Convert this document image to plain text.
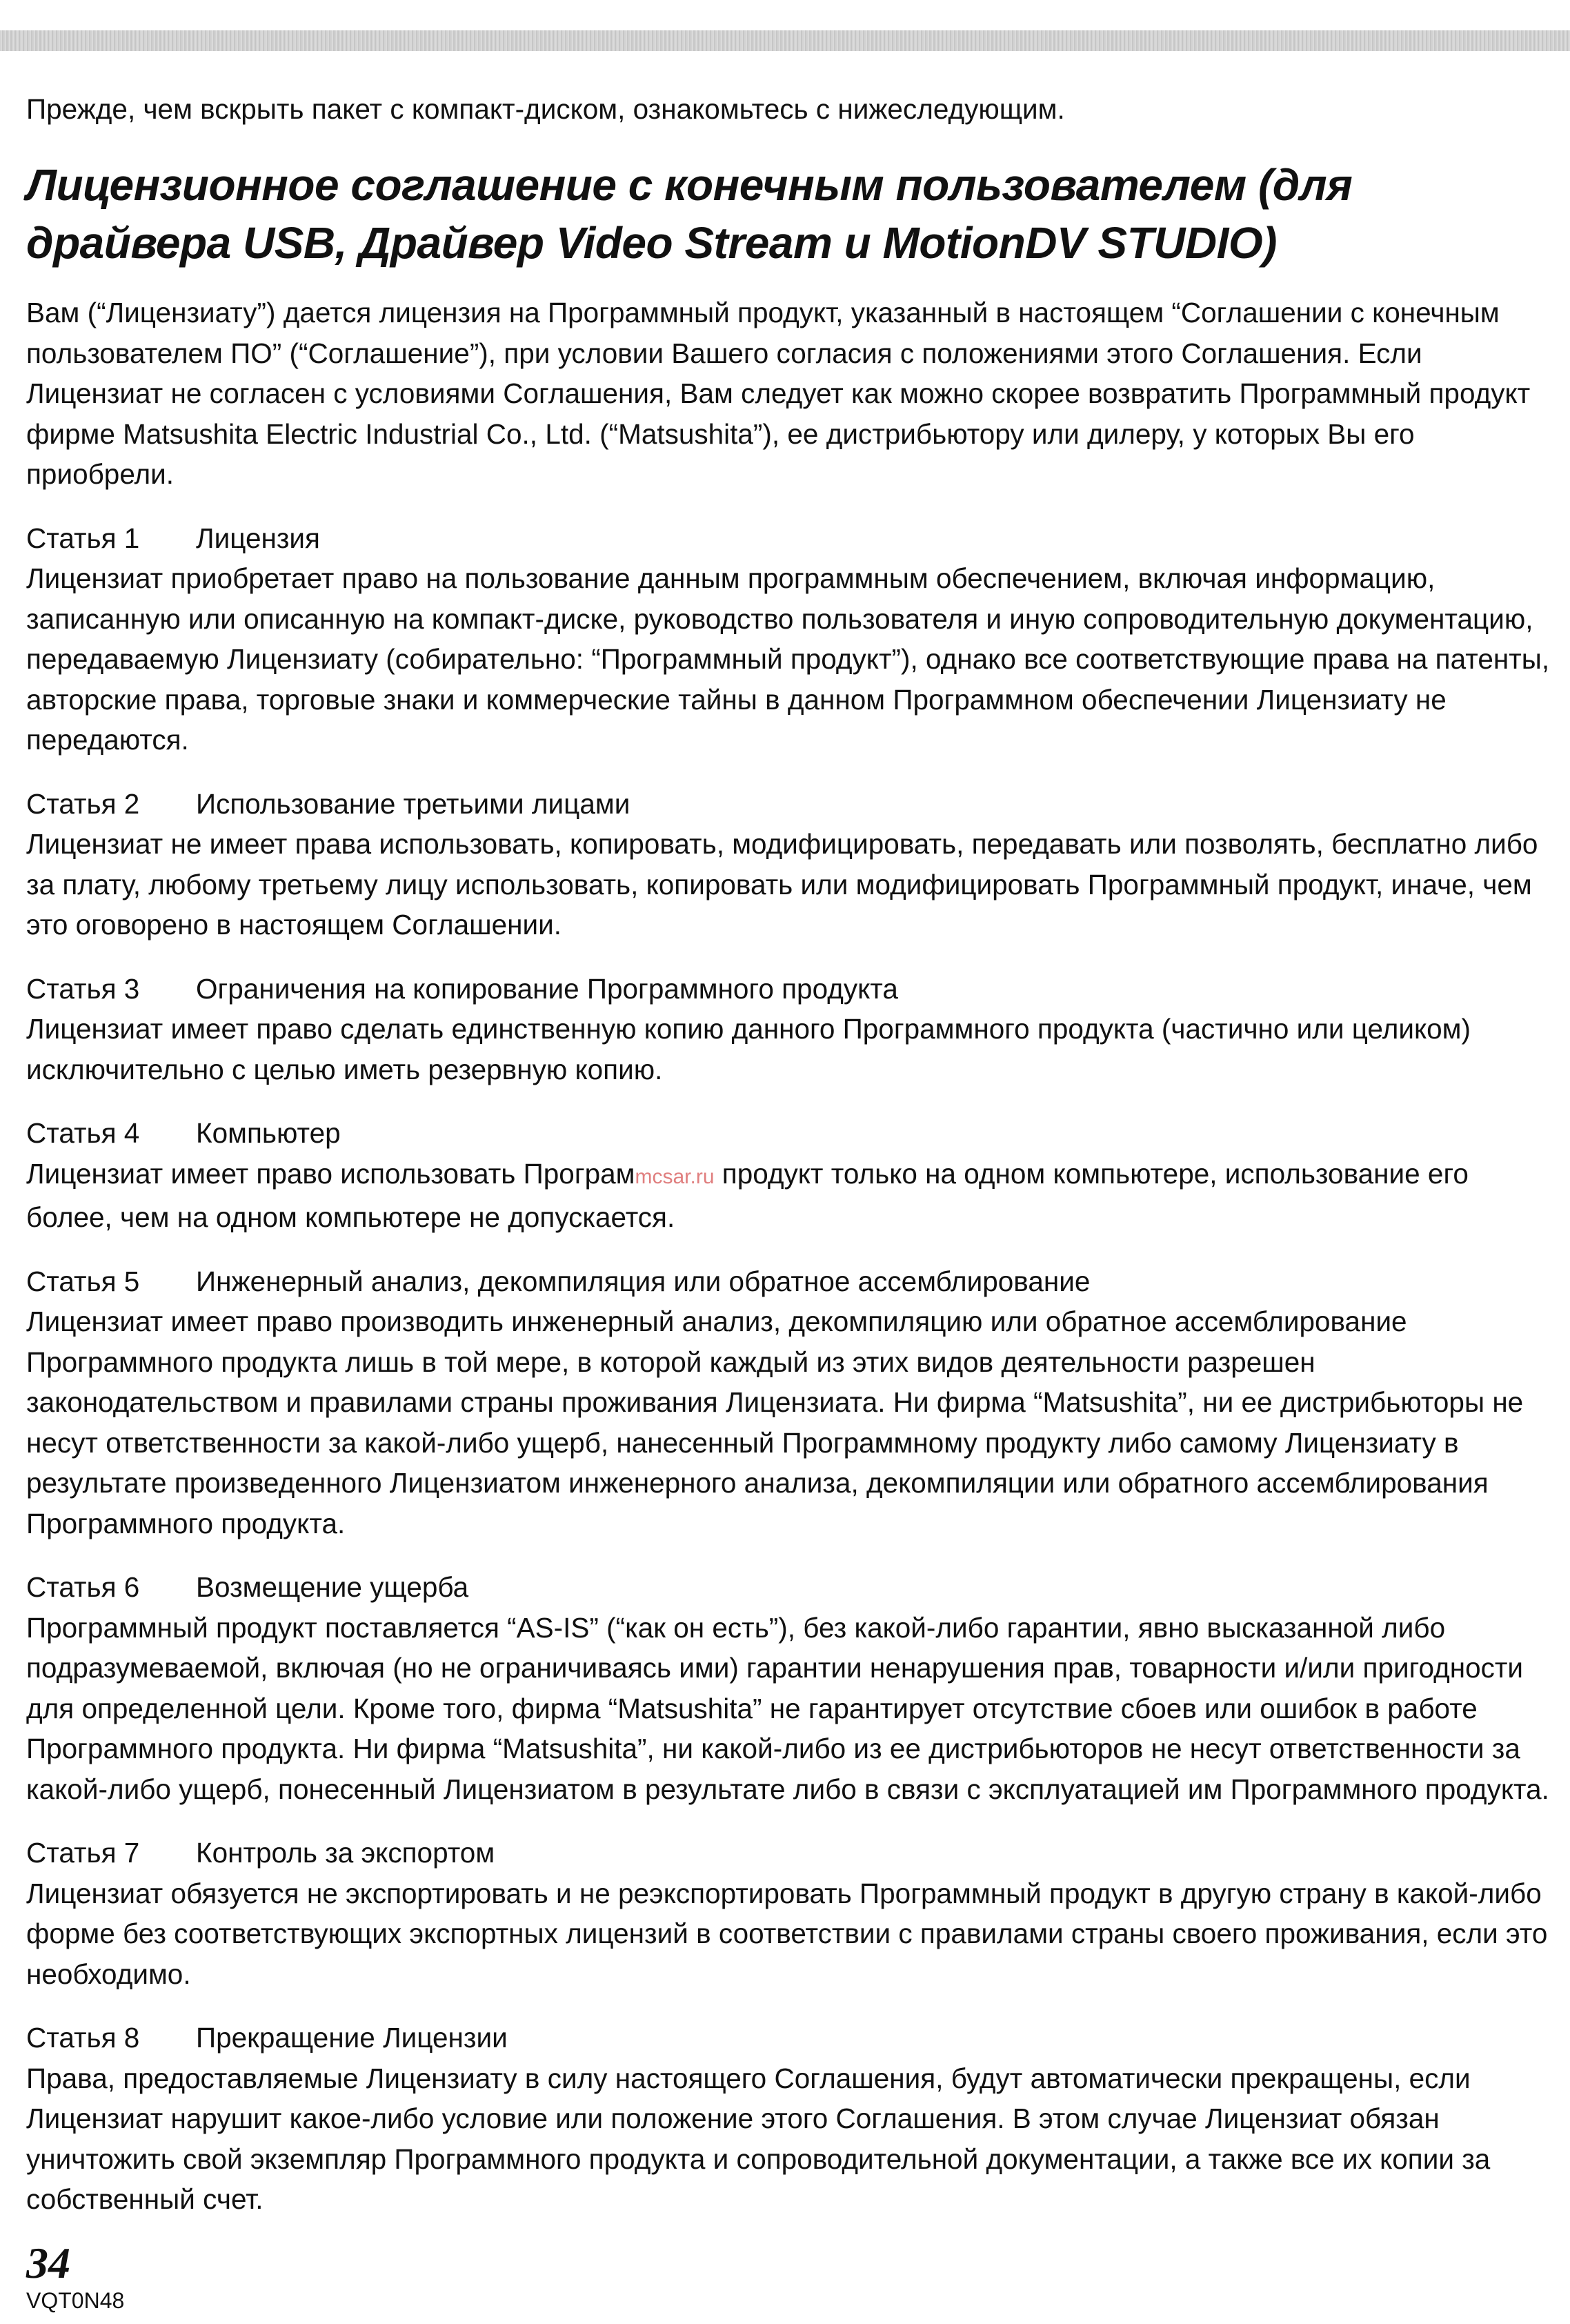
Прежде, чем вскрыть пакет с компакт-диском, ознакомьтесь с нижеследующим.

Лицензионное соглашение с конечным пользователем (для драйвера USB, Драйвер Video Stream и MotionDV STUDIO)

Вам (“Лицензиату”) дается лицензия на Программный продукт, указанный в настоящем “Соглашении с конечным пользователем ПО” (“Соглашение”), при условии Вашего согласия с положениями этого Соглашения. Если Лицензиат не согласен с условиями Соглашения, Вам следует как можно скорее возвратить Программный продукт фирме Matsushita Electric Industrial Co., Ltd. (“Matsushita”), ее дистрибьютору или дилеру, у которых Вы его приобрели.

Статья 1	Лицензия

Лицензиат приобретает право на пользование данным программным обеспечением, включая информацию, записанную или описанную на компакт-диске, руководство пользователя и иную сопроводительную документацию, передаваемую Лицензиату (собирательно: “Программный продукт”), однако все соответствующие права на патенты, авторские права, торговые знаки и коммерческие тайны в данном Программном обеспечении Лицензиату не передаются.

Статья 2	Использование третьими лицами

Лицензиат не имеет права использовать, копировать, модифицировать, передавать или позволять, бесплатно либо за плату, любому третьему лицу использовать, копировать или модифицировать Программный продукт, иначе, чем это оговорено в настоящем Соглашении.

Статья 3	Ограничения на копирование Программного продукта

Лицензиат имеет право сделать единственную копию данного Программного продукта (частично или целиком) исключительно с целью иметь резервную копию.

Статья 4	Компьютер

Лицензиат имеет право использовать Програмmcsar.ru продукт только на одном компьютере, использование его более, чем на одном компьютере не допускается.

Статья 5	Инженерный анализ, декомпиляция или обратное ассемблирование

Лицензиат имеет право производить инженерный анализ, декомпиляцию или обратное ассемблирование Программного продукта лишь в той мере, в которой каждый из этих видов деятельности разрешен законодательством и правилами страны проживания Лицензиата. Ни фирма “Matsushita”, ни ее дистрибьюторы не несут ответственности за какой-либо ущерб, нанесенный Программному продукту либо самому Лицензиату в результате произведенного Лицензиатом инженерного анализа, декомпиляции или обратного ассемблирования Программного продукта.

Статья 6	Возмещение ущерба

Программный продукт поставляется “AS-IS” (“как он есть”), без какой-либо гарантии, явно высказанной либо подразумеваемой, включая (но не ограничиваясь ими) гарантии ненарушения прав, товарности и/или пригодности для определенной цели. Кроме того, фирма “Matsushita” не гарантирует отсутствие сбоев или ошибок в работе Программного продукта. Ни фирма “Matsushita”, ни какой-либо из ее дистрибьюторов не несут ответственности за какой-либо ущерб, понесенный Лицензиатом в результате либо в связи с эксплуатацией им Программного продукта.

Статья 7	Контроль за экспортом

Лицензиат обязуется не экспортировать и не реэкспортировать Программный продукт в другую страну в какой-либо форме без соответствующих экспортных лицензий в соответствии с правилами страны своего проживания, если это необходимо.

Статья 8	Прекращение Лицензии

Права, предоставляемые Лицензиату в силу настоящего Соглашения, будут автоматически прекращены, если Лицензиат нарушит какое-либо условие или положение этого Соглашения. В этом случае Лицензиат обязан уничтожить свой экземпляр Программного продукта и сопроводительной документации, а также все их копии за собственный счет.

34
VQT0N48
